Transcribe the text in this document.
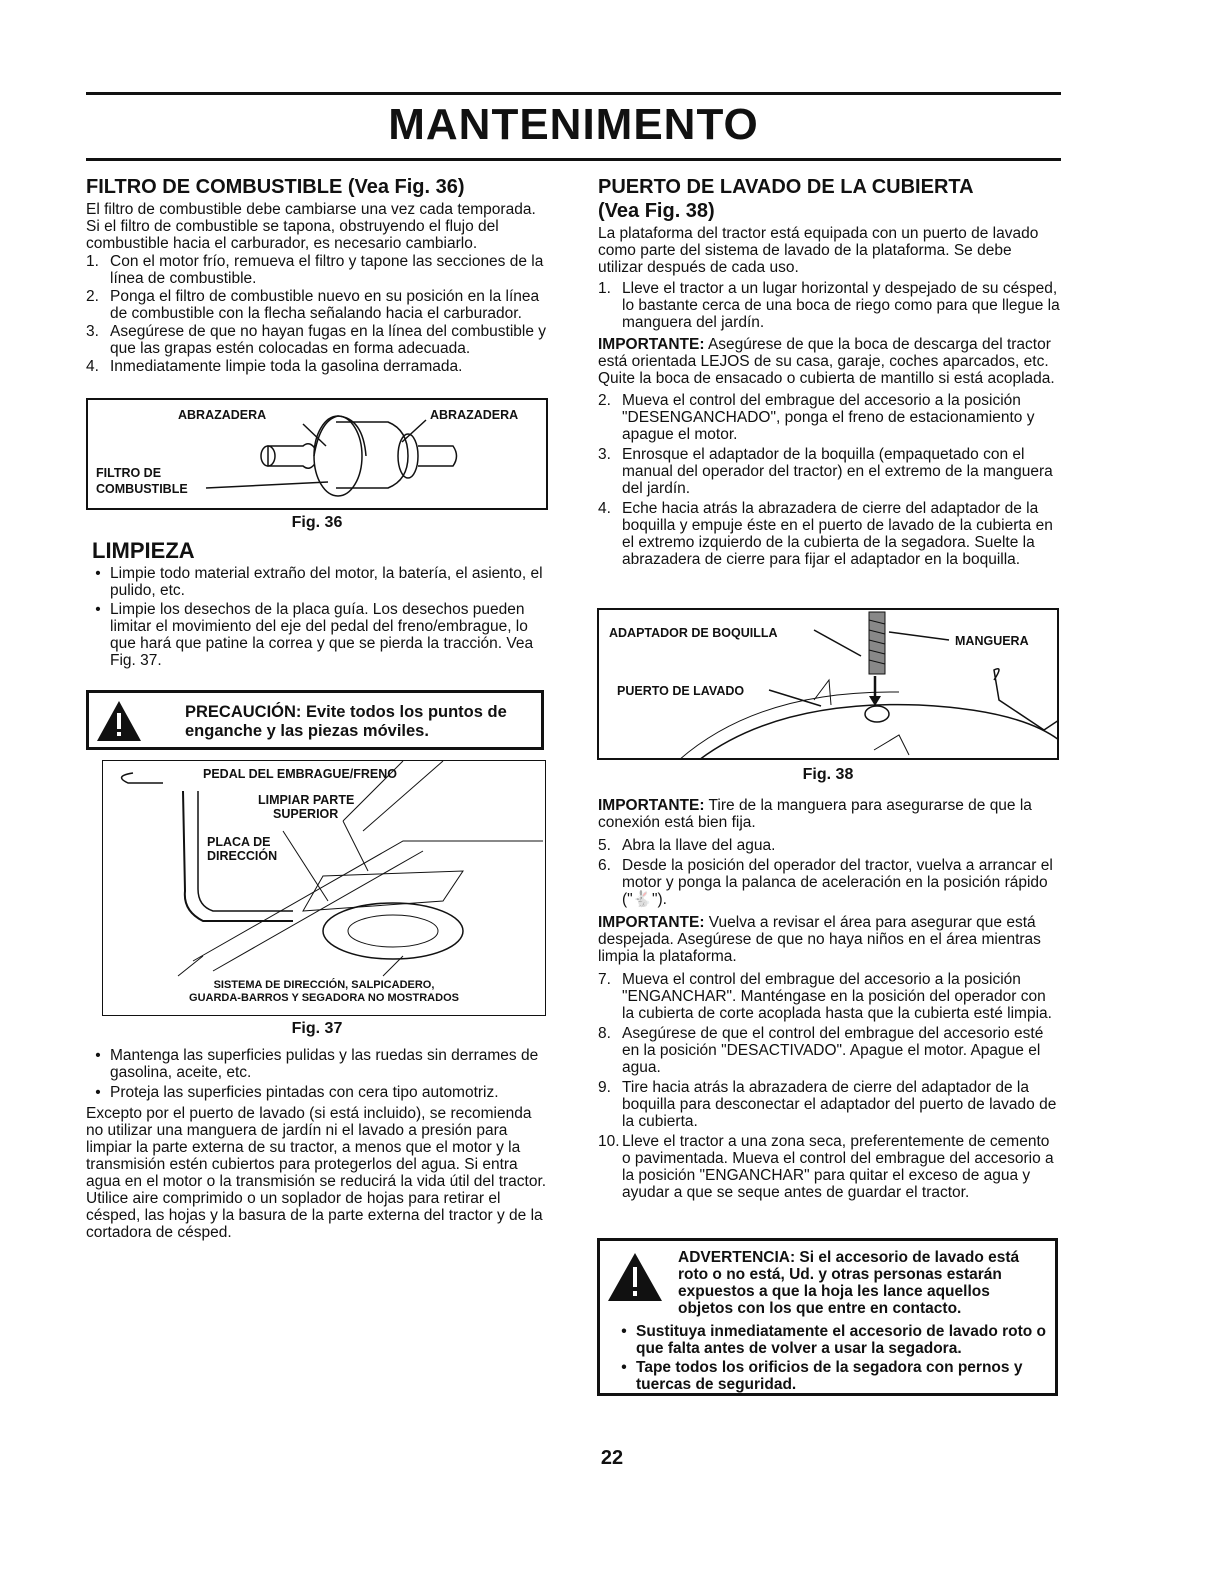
MANTENIMENTO
FILTRO DE COMBUSTIBLE (Vea Fig. 36)

El filtro de combustible debe cambiarse una vez cada temporada. Si el filtro de combustible se tapona, obstruyendo el flujo del combustible hacia el carburador, es necesario cambiarlo.

1. Con el motor frío, remueva el filtro y tapone las secciones de la línea de combustible.
2. Ponga el filtro de combustible nuevo en su posición en la línea de combustible con la flecha señalando hacia el carburador.
3. Asegúrese de que no hayan fugas en la línea del combustible y que las grapas estén colocadas en forma adecuada.
4. Inmediatamente limpie toda la gasolina derramada.
ABRAZADERA	ABRAZADERA
FILTRO DE
COMBUSTIBLE
Fig. 36
LIMPIEZA
• Limpie todo material extraño del motor, la batería, el asiento, el pulido, etc.
• Limpie los desechos de la placa guía. Los desechos pueden limitar el movimiento del eje del pedal del freno/embrague, lo que hará que patine la correa y que se pierda la tracción. Vea Fig. 37.
PRECAUCIÓN: Evite todos los puntos de enganche y las piezas móviles.
PEDAL DEL EMBRAGUE/FRENO
LIMPIAR PARTE
SUPERIOR
PLACA DE
DIRECCIÓN
SISTEMA DE DIRECCIÓN, SALPICADERO,
GUARDA-BARROS Y SEGADORA NO MOSTRADOS
Fig. 37
• Mantenga las superficies pulidas y las ruedas sin derrames de gasolina, aceite, etc.
• Proteja las superficies pintadas con cera tipo automotriz.

Excepto por el puerto de lavado (si está incluido), se recomienda no utilizar una manguera de jardín ni el lavado a presión para limpiar la parte externa de su tractor, a menos que el motor y la transmisión estén cubiertos para protegerlos del agua. Si entra agua en el motor o la transmisión se reducirá la vida útil del tractor. Utilice aire comprimido o un soplador de hojas para retirar el césped, las hojas y la basura de la parte externa del tractor y de la cortadora de césped.

PUERTO DE LAVADO DE LA CUBIERTA
(Vea Fig. 38)

La plataforma del tractor está equipada con un puerto de lavado como parte del sistema de lavado de la plataforma. Se debe utilizar después de cada uso.

1. Lleve el tractor a un lugar horizontal y despejado de su césped, lo bastante cerca de una boca de riego como para que llegue la manguera del jardín.

IMPORTANTE: Asegúrese de que la boca de descarga del tractor está orientada LEJOS de su casa, garaje, coches aparcados, etc. Quite la boca de ensacado o cubierta de mantillo si está acoplada.

2. Mueva el control del embrague del accesorio a la posición "DESENGANCHADO", ponga el freno de estacionamiento y apague el motor.
3. Enrosque el adaptador de la boquilla (empaquetado con el manual del operador del tractor) en el extremo de la manguera del jardín.
4. Eche hacia atrás la abrazadera de cierre del adaptador de la boquilla y empuje éste en el puerto de lavado de la cubierta en el extremo izquierdo de la cubierta de la segadora. Suelte la abrazadera de cierre para fijar el adaptador en la boquilla.
ADAPTADOR DE BOQUILLA
MANGUERA
PUERTO DE LAVADO
Fig. 38

IMPORTANTE: Tire de la manguera para asegurarse de que la conexión está bien fija.

5. Abra la llave del agua.
6. Desde la posición del operador del tractor, vuelva a arrancar el motor y ponga la palanca de aceleración en la posición rápido ("🐇").

IMPORTANTE: Vuelva a revisar el área para asegurar que está despejada. Asegúrese de que no haya niños en el área mientras limpia la plataforma.

7. Mueva el control del embrague del accesorio a la posición "ENGANCHAR". Manténgase en la posición del operador con la cubierta de corte acoplada hasta que la cubierta esté limpia.
8. Asegúrese de que el control del embrague del accesorio esté en la posición "DESACTIVADO". Apague el motor. Apague el agua.
9. Tire hacia atrás la abrazadera de cierre del adaptador de la boquilla para desconectar el adaptador del puerto de lavado de la cubierta.
10. Lleve el tractor a una zona seca, preferentemente de cemento o pavimentada. Mueva el control del embrague del accesorio a la posición "ENGANCHAR" para quitar el exceso de agua y ayudar a que se seque antes de guardar el tractor.
ADVERTENCIA: Si el accesorio de lavado está roto o no está, Ud. y otras personas estarán expuestos a que la hoja les lance aquellos objetos con los que entre en contacto.
• Sustituya inmediatamente el accesorio de lavado roto o que falta antes de volver a usar la segadora.
• Tape todos los orificios de la segadora con pernos y tuercas de seguridad.
22
